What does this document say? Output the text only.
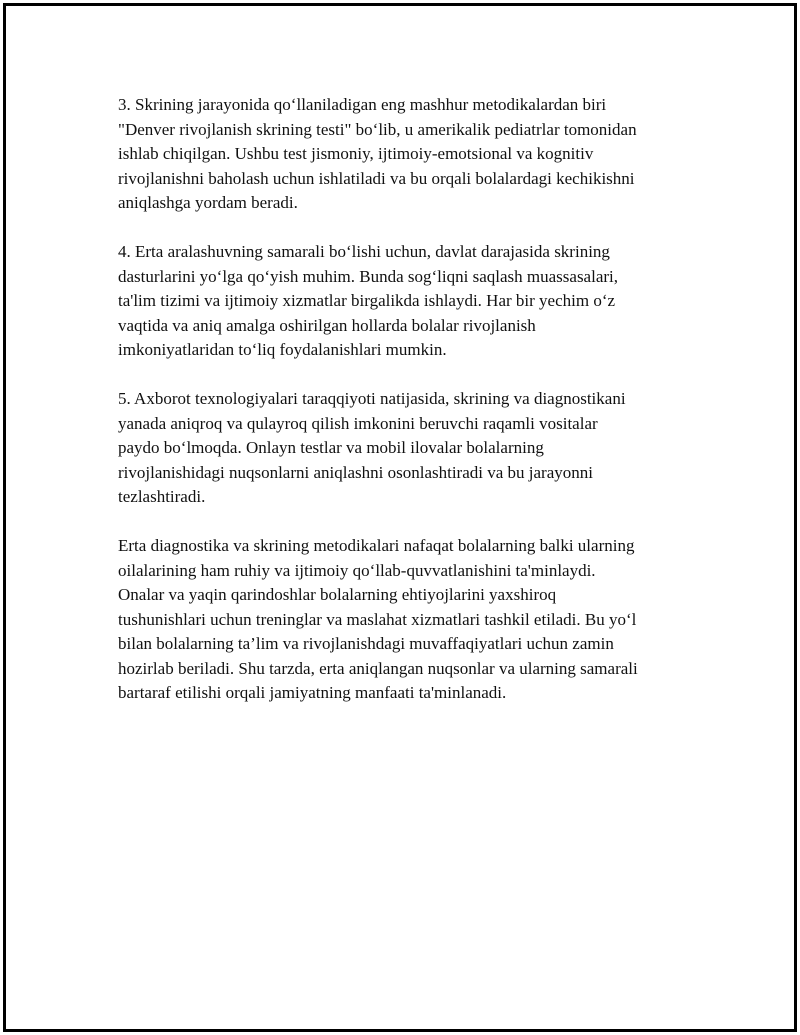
3. Skrining jarayonida qo‘llaniladigan eng mashhur metodikalardan biri
"Denver rivojlanish skrining testi" bo‘lib, u amerikalik pediatrlar tomonidan
ishlab chiqilgan. Ushbu test jismoniy, ijtimoiy-emotsional va kognitiv
rivojlanishni baholash uchun ishlatiladi va bu orqali bolalardagi kechikishni
aniqlashga yordam beradi.

4. Erta aralashuvning samarali bo‘lishi uchun, davlat darajasida skrining
dasturlarini yo‘lga qo‘yish muhim. Bunda sog‘liqni saqlash muassasalari,
ta'lim tizimi va ijtimoiy xizmatlar birgalikda ishlaydi. Har bir yechim o‘z
vaqtida va aniq amalga oshirilgan hollarda bolalar rivojlanish
imkoniyatlaridan to‘liq foydalanishlari mumkin.

5. Axborot texnologiyalari taraqqiyoti natijasida, skrining va diagnostikani
yanada aniqroq va qulayroq qilish imkonini beruvchi raqamli vositalar
paydo bo‘lmoqda. Onlayn testlar va mobil ilovalar bolalarning
rivojlanishidagi nuqsonlarni aniqlashni osonlashtiradi va bu jarayonni
tezlashtiradi.

Erta diagnostika va skrining metodikalari nafaqat bolalarning balki ularning
oilalarining ham ruhiy va ijtimoiy qo‘llab-quvvatlanishini ta'minlaydi.
Onalar va yaqin qarindoshlar bolalarning ehtiyojlarini yaxshiroq
tushunishlari uchun treninglar va maslahat xizmatlari tashkil etiladi. Bu yo‘l
bilan bolalarning ta’lim va rivojlanishdagi muvaffaqiyatlari uchun zamin
hozirlab beriladi. Shu tarzda, erta aniqlangan nuqsonlar va ularning samarali
bartaraf etilishi orqali jamiyatning manfaati ta'minlanadi.
